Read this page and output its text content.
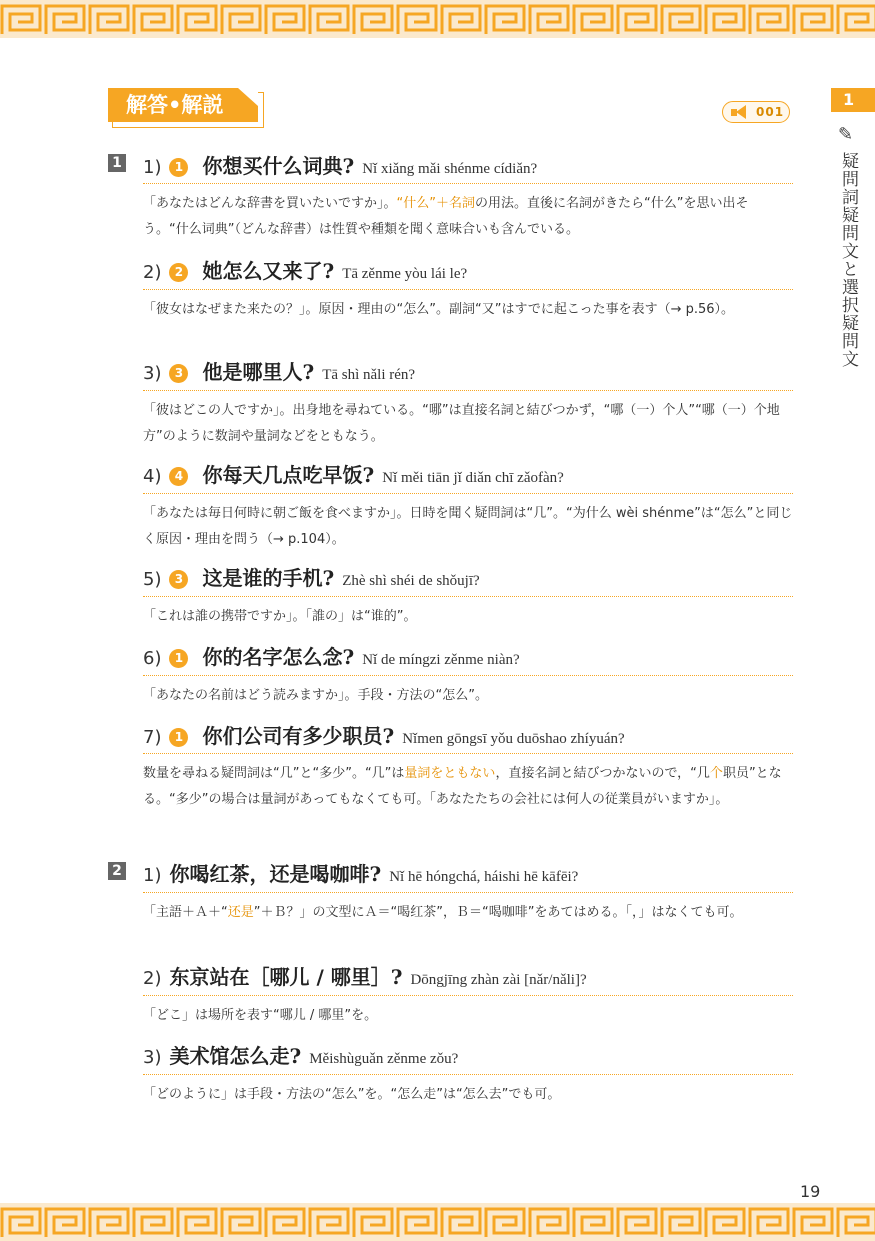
解答•解説	001
1
✎
疑問詞疑問文と選択疑問文
1 1)	1 你想买什么词典? Nǐ xiǎng mǎi shénme cídiǎn?
「あなたはどんな辞書を買いたいですか」。“什么”＋名詞の用法。直後に名詞がきたら“什么”を思い出そう。“什么词典”（どんな辞書）は性質や種類を聞く意味合いも含んでいる。
2)	2 她怎么又来了? Tā zěnme yòu lái le?
「彼女はなぜまた来たの？」。原因・理由の“怎么”。副詞“又”はすでに起こった事を表す（→ p.56）。
3)	3 他是哪里人? Tā shì nǎli rén?
「彼はどこの人ですか」。出身地を尋ねている。“哪”は直接名詞と結びつかず，“哪（一）个人”“哪（一）个地方”のように数詞や量詞などをともなう。
4)	4 你每天几点吃早饭? Nǐ měi tiān jǐ diǎn chī zǎofàn?
「あなたは毎日何時に朝ご飯を食べますか」。日時を聞く疑問詞は“几”。“为什么 wèi shénme”は“怎么”と同じく原因・理由を問う（→ p.104）。
5)	3 这是谁的手机? Zhè shì shéi de shǒujī?
「これは誰の携帯ですか」。「誰の」は“谁的”。
6)	1 你的名字怎么念? Nǐ de míngzi zěnme niàn?
「あなたの名前はどう読みますか」。手段・方法の“怎么”。
7)	1 你们公司有多少职员? Nǐmen gōngsī yǒu duōshao zhíyuán?
数量を尋ねる疑問詞は“几”と“多少”。“几”は量詞をともない，直接名詞と結びつかないので，“几个职员”となる。“多少”の場合は量詞があってもなくても可。「あなたたちの会社には何人の従業員がいますか」。
2 1) 你喝红茶，还是喝咖啡? Nǐ hē hóngchá, háishi hē kāfēi?
「主語＋Ａ＋“还是”＋Ｂ？」の文型にＡ＝“喝红茶”，Ｂ＝“喝咖啡”をあてはめる。「，」はなくても可。
2) 东京站在［哪儿 / 哪里］? Dōngjīng zhàn zài [nǎr/nǎli]?
「どこ」は場所を表す“哪儿 / 哪里”を。
3) 美术馆怎么走? Měishùguǎn zěnme zǒu?
「どのように」は手段・方法の“怎么”を。“怎么走”は“怎么去”でも可。
19
